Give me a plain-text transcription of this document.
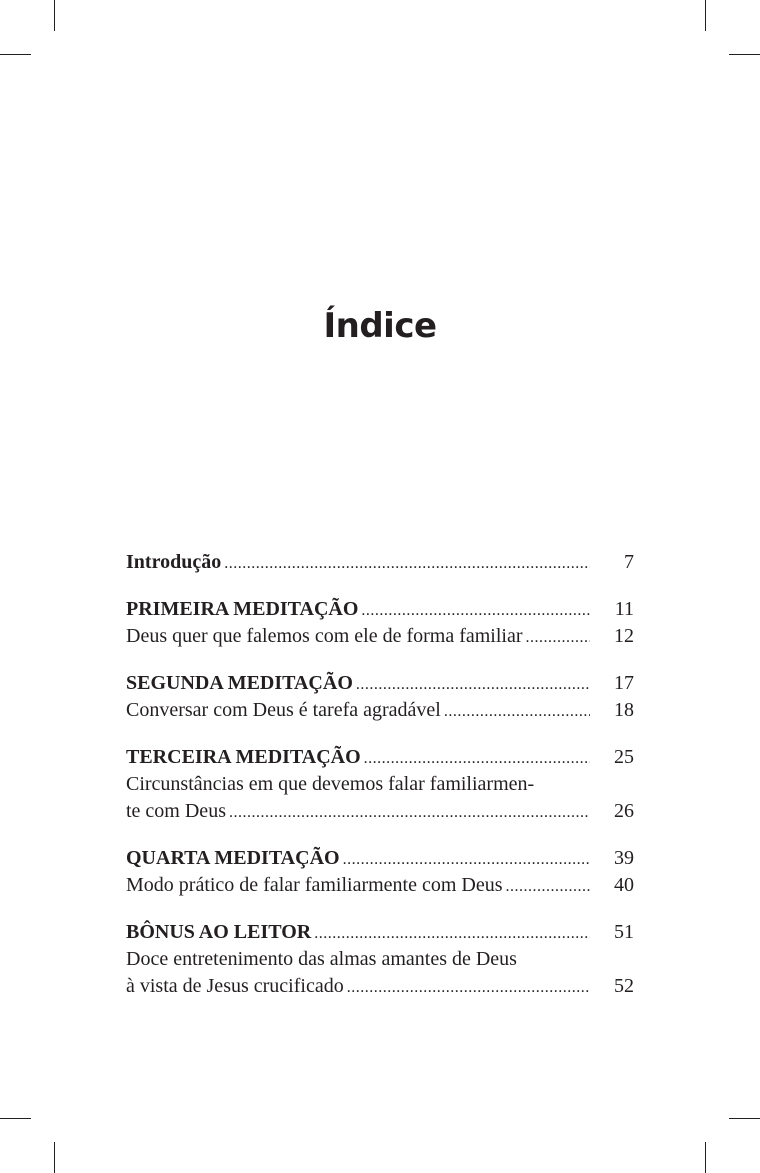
Índice
Introdução .....	7
PRIMEIRA MEDITAÇÃO .....	11
Deus quer que falemos com ele de forma familiar .....	12
SEGUNDA MEDITAÇÃO .....	17
Conversar com Deus é tarefa agradável .....	18
TERCEIRA MEDITAÇÃO .....	25
Circunstâncias em que devemos falar familiarmen-
te com Deus .....	26
QUARTA MEDITAÇÃO .....	39
Modo prático de falar familiarmente com Deus .....	40
BÔNUS AO LEITOR .....	51
Doce entretenimento das almas amantes de Deus
à vista de Jesus crucificado .....	52
